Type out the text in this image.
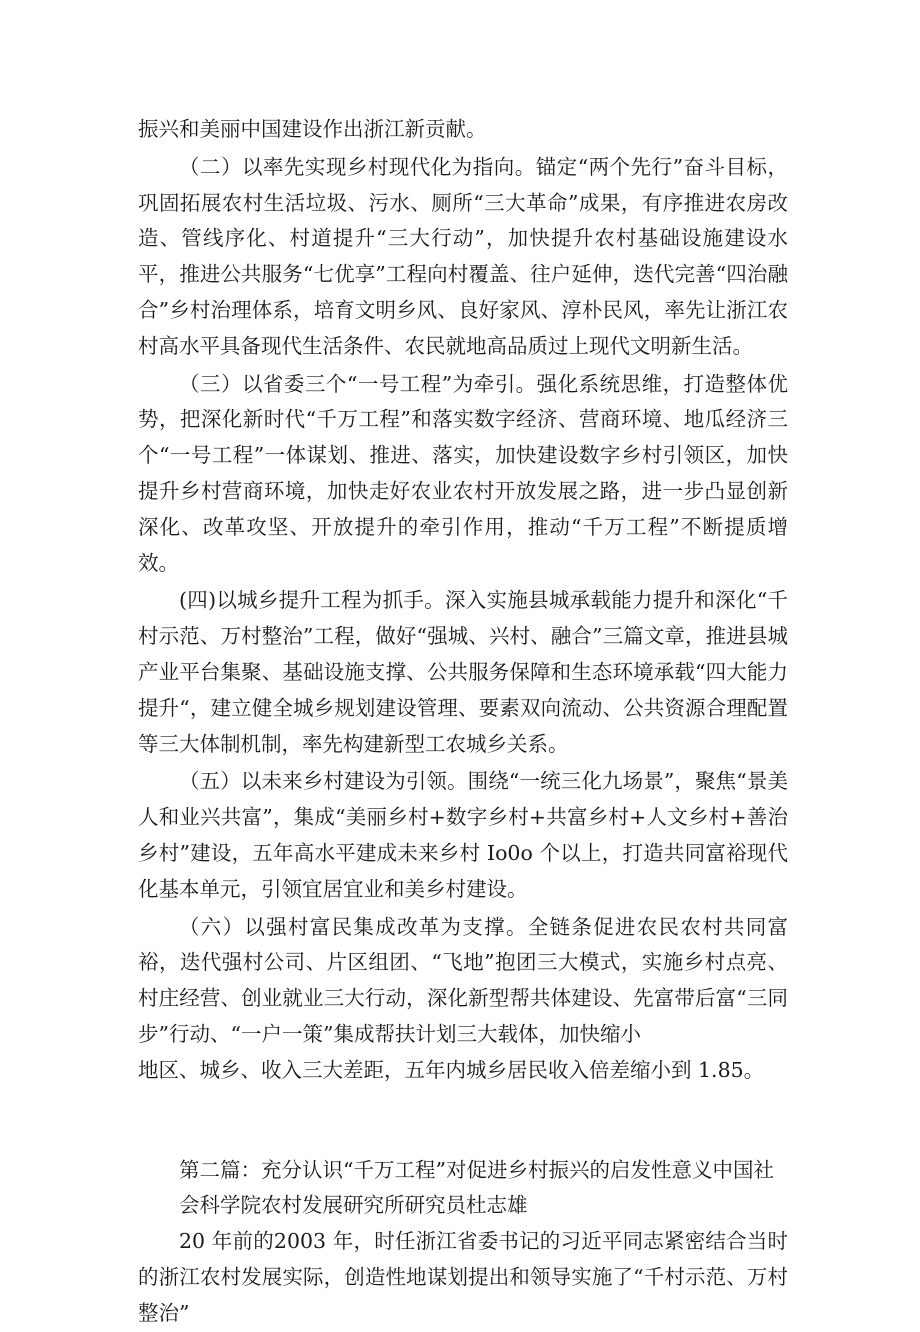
振兴和美丽中国建设作出浙江新贡献。

（二）以率先实现乡村现代化为指向。锚定“两个先行”奋斗目标，巩固拓展农村生活垃圾、污水、厕所“三大革命”成果，有序推进农房改造、管线序化、村道提升“三大行动”，加快提升农村基础设施建设水平，推进公共服务“七优享”工程向村覆盖、往户延伸，迭代完善“四治融合”乡村治理体系，培育文明乡风、良好家风、淳朴民风，率先让浙江农村高水平具备现代生活条件、农民就地高品质过上现代文明新生活。

（三）以省委三个“一号工程”为牵引。强化系统思维，打造整体优势，把深化新时代“千万工程”和落实数字经济、营商环境、地瓜经济三个“一号工程”一体谋划、推进、落实，加快建设数字乡村引领区，加快提升乡村营商环境，加快走好农业农村开放发展之路，进一步凸显创新深化、改革攻坚、开放提升的牵引作用，推动“千万工程”不断提质增效。

(四)以城乡提升工程为抓手。深入实施县城承载能力提升和深化“千村示范、万村整治”工程，做好“强城、兴村、融合”三篇文章，推进县城产业平台集聚、基础设施支撑、公共服务保障和生态环境承载“四大能力提升“，建立健全城乡规划建设管理、要素双向流动、公共资源合理配置等三大体制机制，率先构建新型工农城乡关系。

（五）以未来乡村建设为引领。围绕“一统三化九场景”，聚焦“景美人和业兴共富”，集成“美丽乡村+数字乡村+共富乡村+人文乡村+善治乡村”建设，五年高水平建成未来乡村 Io0o 个以上，打造共同富裕现代化基本单元，引领宜居宜业和美乡村建设。

（六）以强村富民集成改革为支撑。全链条促进农民农村共同富裕，迭代强村公司、片区组团、“飞地”抱团三大模式，实施乡村点亮、村庄经营、创业就业三大行动，深化新型帮共体建设、先富带后富“三同步”行动、“一户一策”集成帮扶计划三大载体，加快缩小

地区、城乡、收入三大差距，五年内城乡居民收入倍差缩小到 1.85。

第二篇：充分认识“千万工程”对促进乡村振兴的启发性意义中国社

会科学院农村发展研究所研究员杜志雄

20 年前的2003 年，时任浙江省委书记的习近平同志紧密结合当时的浙江农村发展实际，创造性地谋划提出和领导实施了“千村示范、万村整治”
